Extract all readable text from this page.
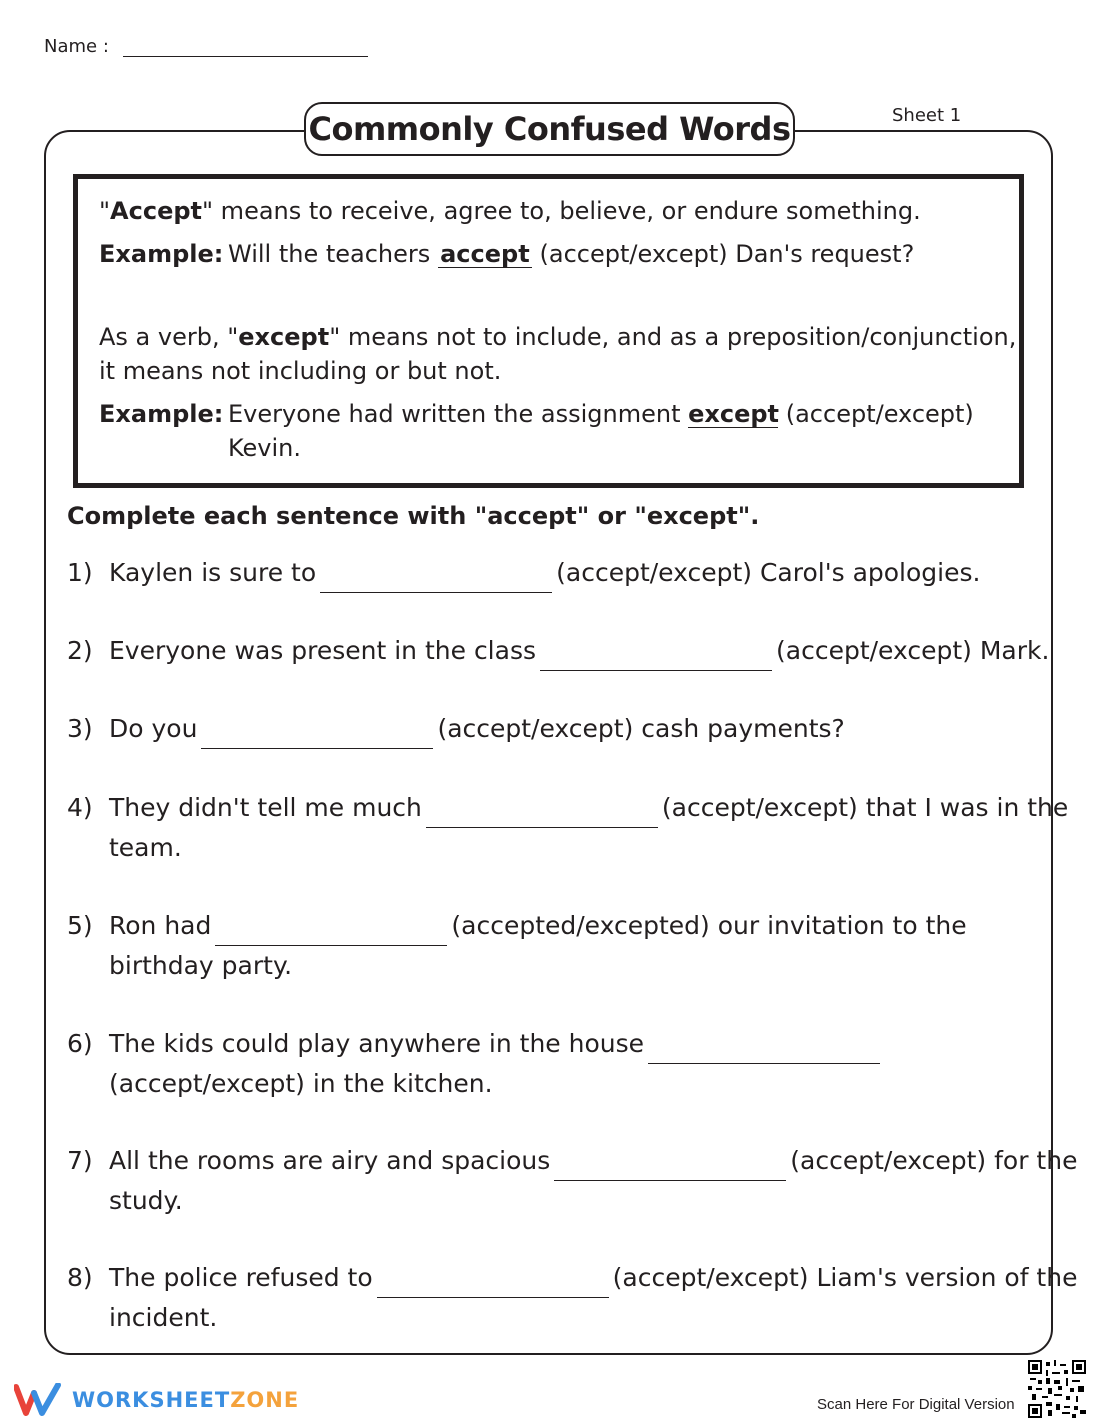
Name :
Sheet 1
Commonly Confused Words
"Accept" means to receive, agree to, believe, or endure something.
Example: Will the teachers accept (accept/except) Dan's request?
As a verb, "except" means not to include, and as a preposition/conjunction,
it means not including or but not.
Example: Everyone had written the assignment except (accept/except)
Kevin.
Complete each sentence with "accept" or "except".
1) Kaylen is sure to	(accept/except) Carol's apologies.
2) Everyone was present in the class	(accept/except) Mark.
3) Do you	(accept/except) cash payments?
4) They didn't tell me much	(accept/except) that I was in the
team.
5) Ron had	(accepted/excepted) our invitation to the
birthday party.
6) The kids could play anywhere in the house
(accept/except) in the kitchen.
7) All the rooms are airy and spacious	(accept/except) for the
study.
8) The police refused to	(accept/except) Liam's version of the
incident.
WORKSHEETZONE	Scan Here For Digital Version
